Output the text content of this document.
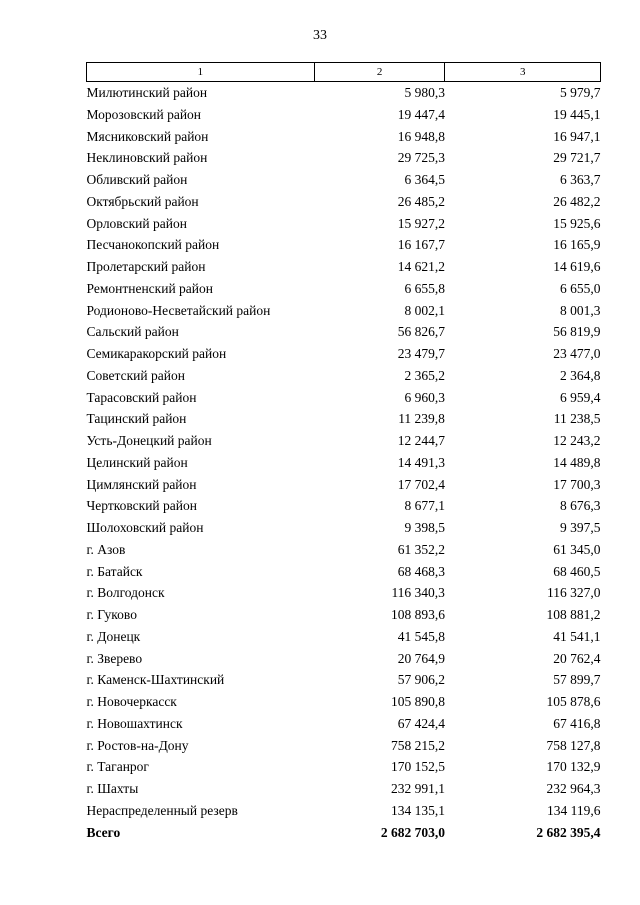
33
1	2	3
Милютинский район	5 980,3	5 979,7
Морозовский район	19 447,4	19 445,1
Мясниковский район	16 948,8	16 947,1
Неклиновский район	29 725,3	29 721,7
Обливский район	6 364,5	6 363,7
Октябрьский район	26 485,2	26 482,2
Орловский район	15 927,2	15 925,6
Песчанокопский район	16 167,7	16 165,9
Пролетарский район	14 621,2	14 619,6
Ремонтненский район	6 655,8	6 655,0
Родионово-Несветайский район	8 002,1	8 001,3
Сальский район	56 826,7	56 819,9
Семикаракорский район	23 479,7	23 477,0
Советский район	2 365,2	2 364,8
Тарасовский район	6 960,3	6 959,4
Тацинский район	11 239,8	11 238,5
Усть-Донецкий район	12 244,7	12 243,2
Целинский район	14 491,3	14 489,8
Цимлянский район	17 702,4	17 700,3
Чертковский район	8 677,1	8 676,3
Шолоховский район	9 398,5	9 397,5
г. Азов	61 352,2	61 345,0
г. Батайск	68 468,3	68 460,5
г. Волгодонск	116 340,3	116 327,0
г. Гуково	108 893,6	108 881,2
г. Донецк	41 545,8	41 541,1
г. Зверево	20 764,9	20 762,4
г. Каменск-Шахтинский	57 906,2	57 899,7
г. Новочеркасск	105 890,8	105 878,6
г. Новошахтинск	67 424,4	67 416,8
г. Ростов-на-Дону	758 215,2	758 127,8
г. Таганрог	170 152,5	170 132,9
г. Шахты	232 991,1	232 964,3
Нераспределенный резерв	134 135,1	134 119,6
Всего	2 682 703,0	2 682 395,4
